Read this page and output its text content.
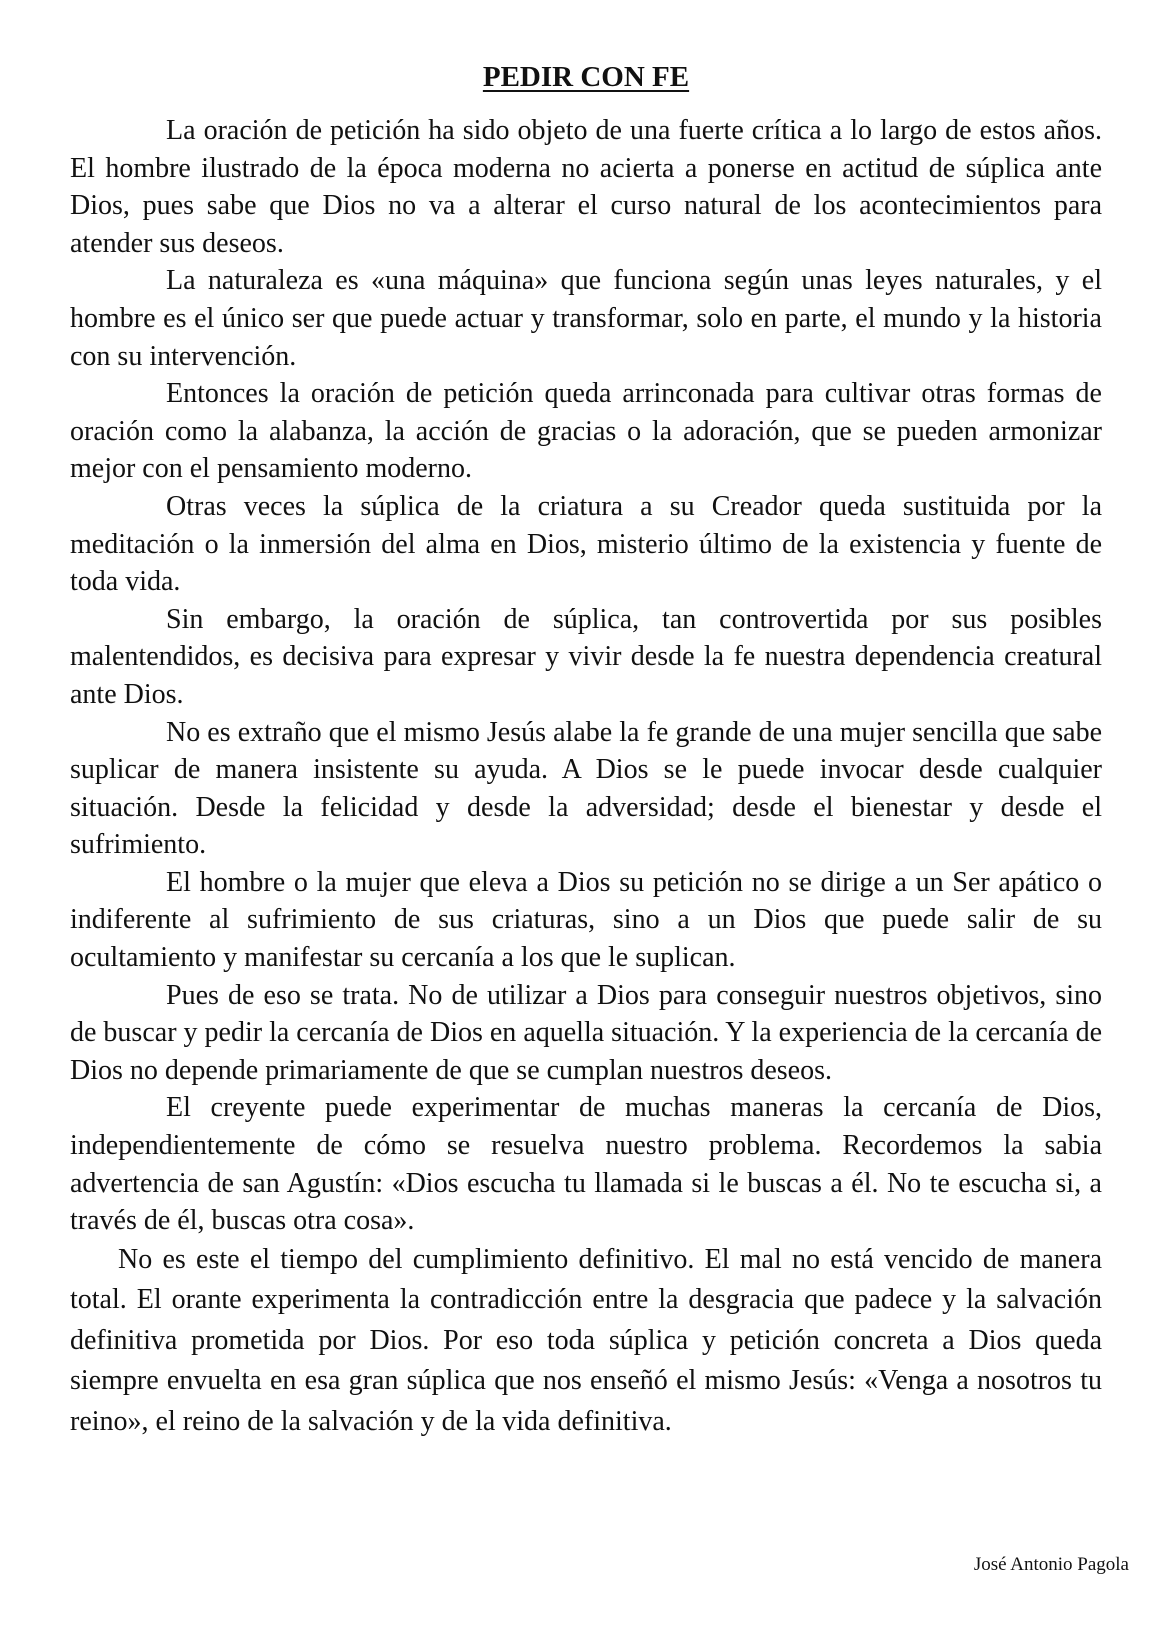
PEDIR CON FE

La oración de petición ha sido objeto de una fuerte crítica a lo largo de estos años. El hombre ilustrado de la época moderna no acierta a ponerse en actitud de súplica ante Dios, pues sabe que Dios no va a alterar el curso natural de los acontecimientos para atender sus deseos.

La naturaleza es «una máquina» que funciona según unas leyes naturales, y el hombre es el único ser que puede actuar y transformar, solo en parte, el mundo y la historia con su intervención.

Entonces la oración de petición queda arrinconada para cultivar otras formas de oración como la alabanza, la acción de gracias o la adoración, que se pueden armonizar mejor con el pensamiento moderno.

Otras veces la súplica de la criatura a su Creador queda sustituida por la meditación o la inmersión del alma en Dios, misterio último de la existencia y fuente de toda vida.

Sin embargo, la oración de súplica, tan controvertida por sus posibles malentendidos, es decisiva para expresar y vivir desde la fe nuestra dependencia creatural ante Dios.

No es extraño que el mismo Jesús alabe la fe grande de una mujer sencilla que sabe suplicar de manera insistente su ayuda. A Dios se le puede invocar desde cualquier situación. Desde la felicidad y desde la adversidad; desde el bienestar y desde el sufrimiento.

El hombre o la mujer que eleva a Dios su petición no se dirige a un Ser apático o indiferente al sufrimiento de sus criaturas, sino a un Dios que puede salir de su ocultamiento y manifestar su cercanía a los que le suplican.

Pues de eso se trata. No de utilizar a Dios para conseguir nuestros objetivos, sino de buscar y pedir la cercanía de Dios en aquella situación. Y la experiencia de la cercanía de Dios no depende primariamente de que se cumplan nuestros deseos.

El creyente puede experimentar de muchas maneras la cercanía de Dios, independientemente de cómo se resuelva nuestro problema. Recordemos la sabia advertencia de san Agustín: «Dios escucha tu llamada si le buscas a él. No te escucha si, a través de él, buscas otra cosa».

No es este el tiempo del cumplimiento definitivo. El mal no está vencido de manera total. El orante experimenta la contradicción entre la desgracia que padece y la salvación definitiva prometida por Dios. Por eso toda súplica y petición concreta a Dios queda siempre envuelta en esa gran súplica que nos enseñó el mismo Jesús: «Venga a nosotros tu reino», el reino de la salvación y de la vida definitiva.

José Antonio Pagola
